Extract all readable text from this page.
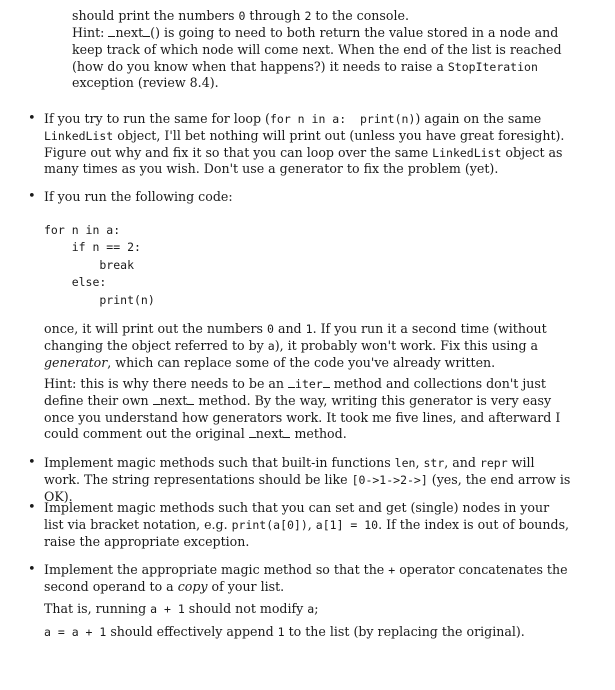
should print the numbers 0 through 2 to the console.
Hint: next () is going to need to both return the value stored in a node and keep track of which node will come next. When the end of the list is reached (how do you know when that happens?) it needs to raise a StopIteration exception (review 8.4).
• If you try to run the same for loop (for n in a:  print(n)) again on the same LinkedList object, I'll bet nothing will print out (unless you have great foresight). Figure out why and fix it so that you can loop over the same LinkedList object as many times as you wish. Don't use a generator to fix the problem (yet).
• If you run the following code:
for n in a:
if n == 2:
break
else:
print(n)
once, it will print out the numbers 0 and 1. If you run it a second time (without changing the object referred to by a), it probably won't work. Fix this using a generator, which can replace some of the code you've already written.
Hint: this is why there needs to be an iter method and collections don't just define their own next method. By the way, writing this generator is very easy once you understand how generators work. It took me five lines, and afterward I could comment out the original next method.
• Implement magic methods such that built-in functions len, str, and repr will work. The string representations should be like [0->1->2->] (yes, the end arrow is OK).
• Implement magic methods such that you can set and get (single) nodes in your list via bracket notation, e.g. print(a[0]), a[1] = 10. If the index is out of bounds, raise the appropriate exception.
• Implement the appropriate magic method so that the + operator concatenates the second operand to a copy of your list.
That is, running a + 1 should not modify a;
a = a + 1 should effectively append 1 to the list (by replacing the original).
